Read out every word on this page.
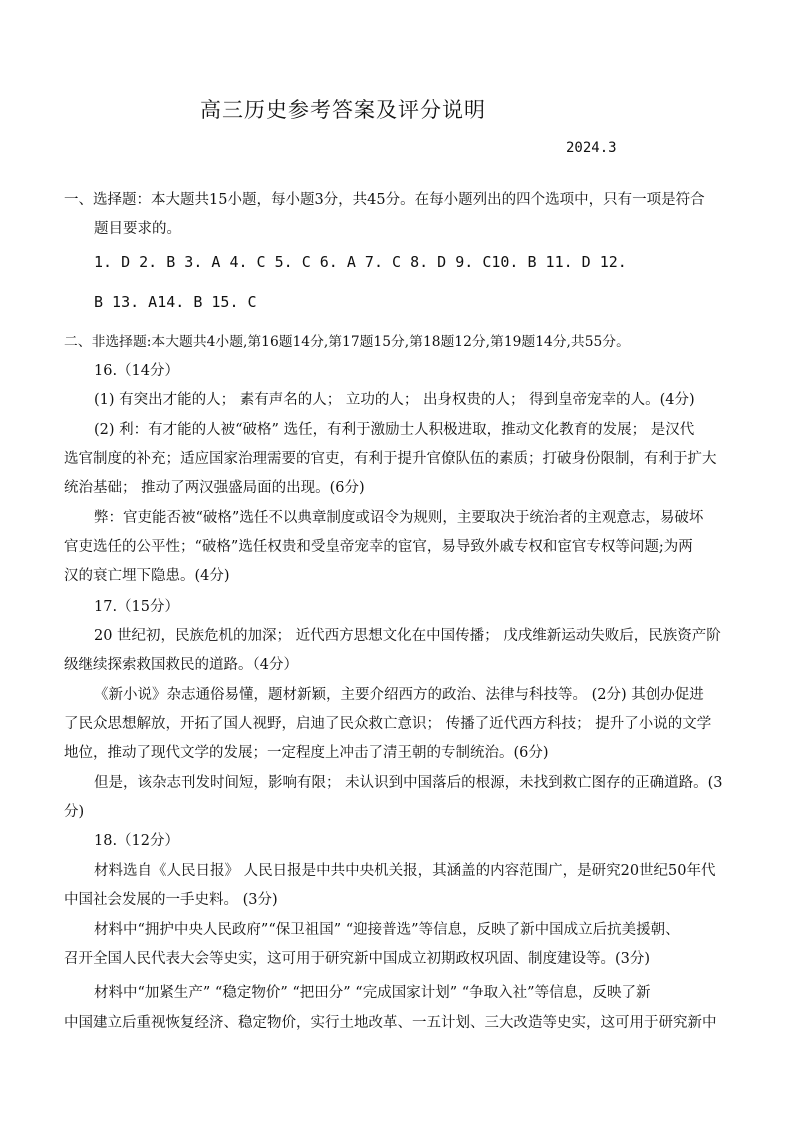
高三历史参考答案及评分说明
2024.3
一、选择题：本大题共15小题，每小题3分，共45分。在每小题列出的四个选项中，只有一项是符合
题目要求的。
1. D 2. B 3. A 4. C 5. C 6. A 7. C 8. D 9. C10. B 11. D 12.
B 13. A14. B 15. C
二、非选择题:本大题共4小题,第16题14分,第17题15分,第18题12分,第19题14分,共55分。
16.（14分）
(1) 有突出才能的人； 素有声名的人； 立功的人； 出身权贵的人； 得到皇帝宠幸的人。(4分)
(2) 利：有才能的人被“破格” 选任，有利于激励士人积极进取，推动文化教育的发展； 是汉代
选官制度的补充；适应国家治理需要的官吏，有利于提升官僚队伍的素质；打破身份限制，有利于扩大
统治基础； 推动了两汉强盛局面的出现。(6分)
弊：官吏能否被“破格”选任不以典章制度或诏令为规则，主要取决于统治者的主观意志，易破坏
官吏选任的公平性；“破格”选任权贵和受皇帝宠幸的宦官，易导致外戚专权和宦官专权等问题;为两
汉的衰亡埋下隐患。(4分)
17.（15分）
20 世纪初，民族危机的加深； 近代西方思想文化在中国传播； 戊戌维新运动失败后，民族资产阶
级继续探索救国救民的道路。（4分）
《新小说》杂志通俗易懂，题材新颖，主要介绍西方的政治、法律与科技等。 (2分) 其创办促进
了民众思想解放，开拓了国人视野，启迪了民众救亡意识； 传播了近代西方科技； 提升了小说的文学
地位，推动了现代文学的发展；一定程度上冲击了清王朝的专制统治。(6分)
但是，该杂志刊发时间短，影响有限； 未认识到中国落后的根源，未找到救亡图存的正确道路。(3
分)
18.（12分）
材料选自《人民日报》 人民日报是中共中央机关报，其涵盖的内容范围广，是研究20世纪50年代
中国社会发展的一手史料。 (3分)
材料中“拥护中央人民政府”“保卫祖国” “迎接普选”等信息，反映了新中国成立后抗美援朝、
召开全国人民代表大会等史实，这可用于研究新中国成立初期政权巩固、制度建设等。(3分)
材料中“加紧生产” “稳定物价” “把田分” “完成国家计划” “争取入社”等信息，反映了新
中国建立后重视恢复经济、稳定物价，实行土地改革、一五计划、三大改造等史实，这可用于研究新中
